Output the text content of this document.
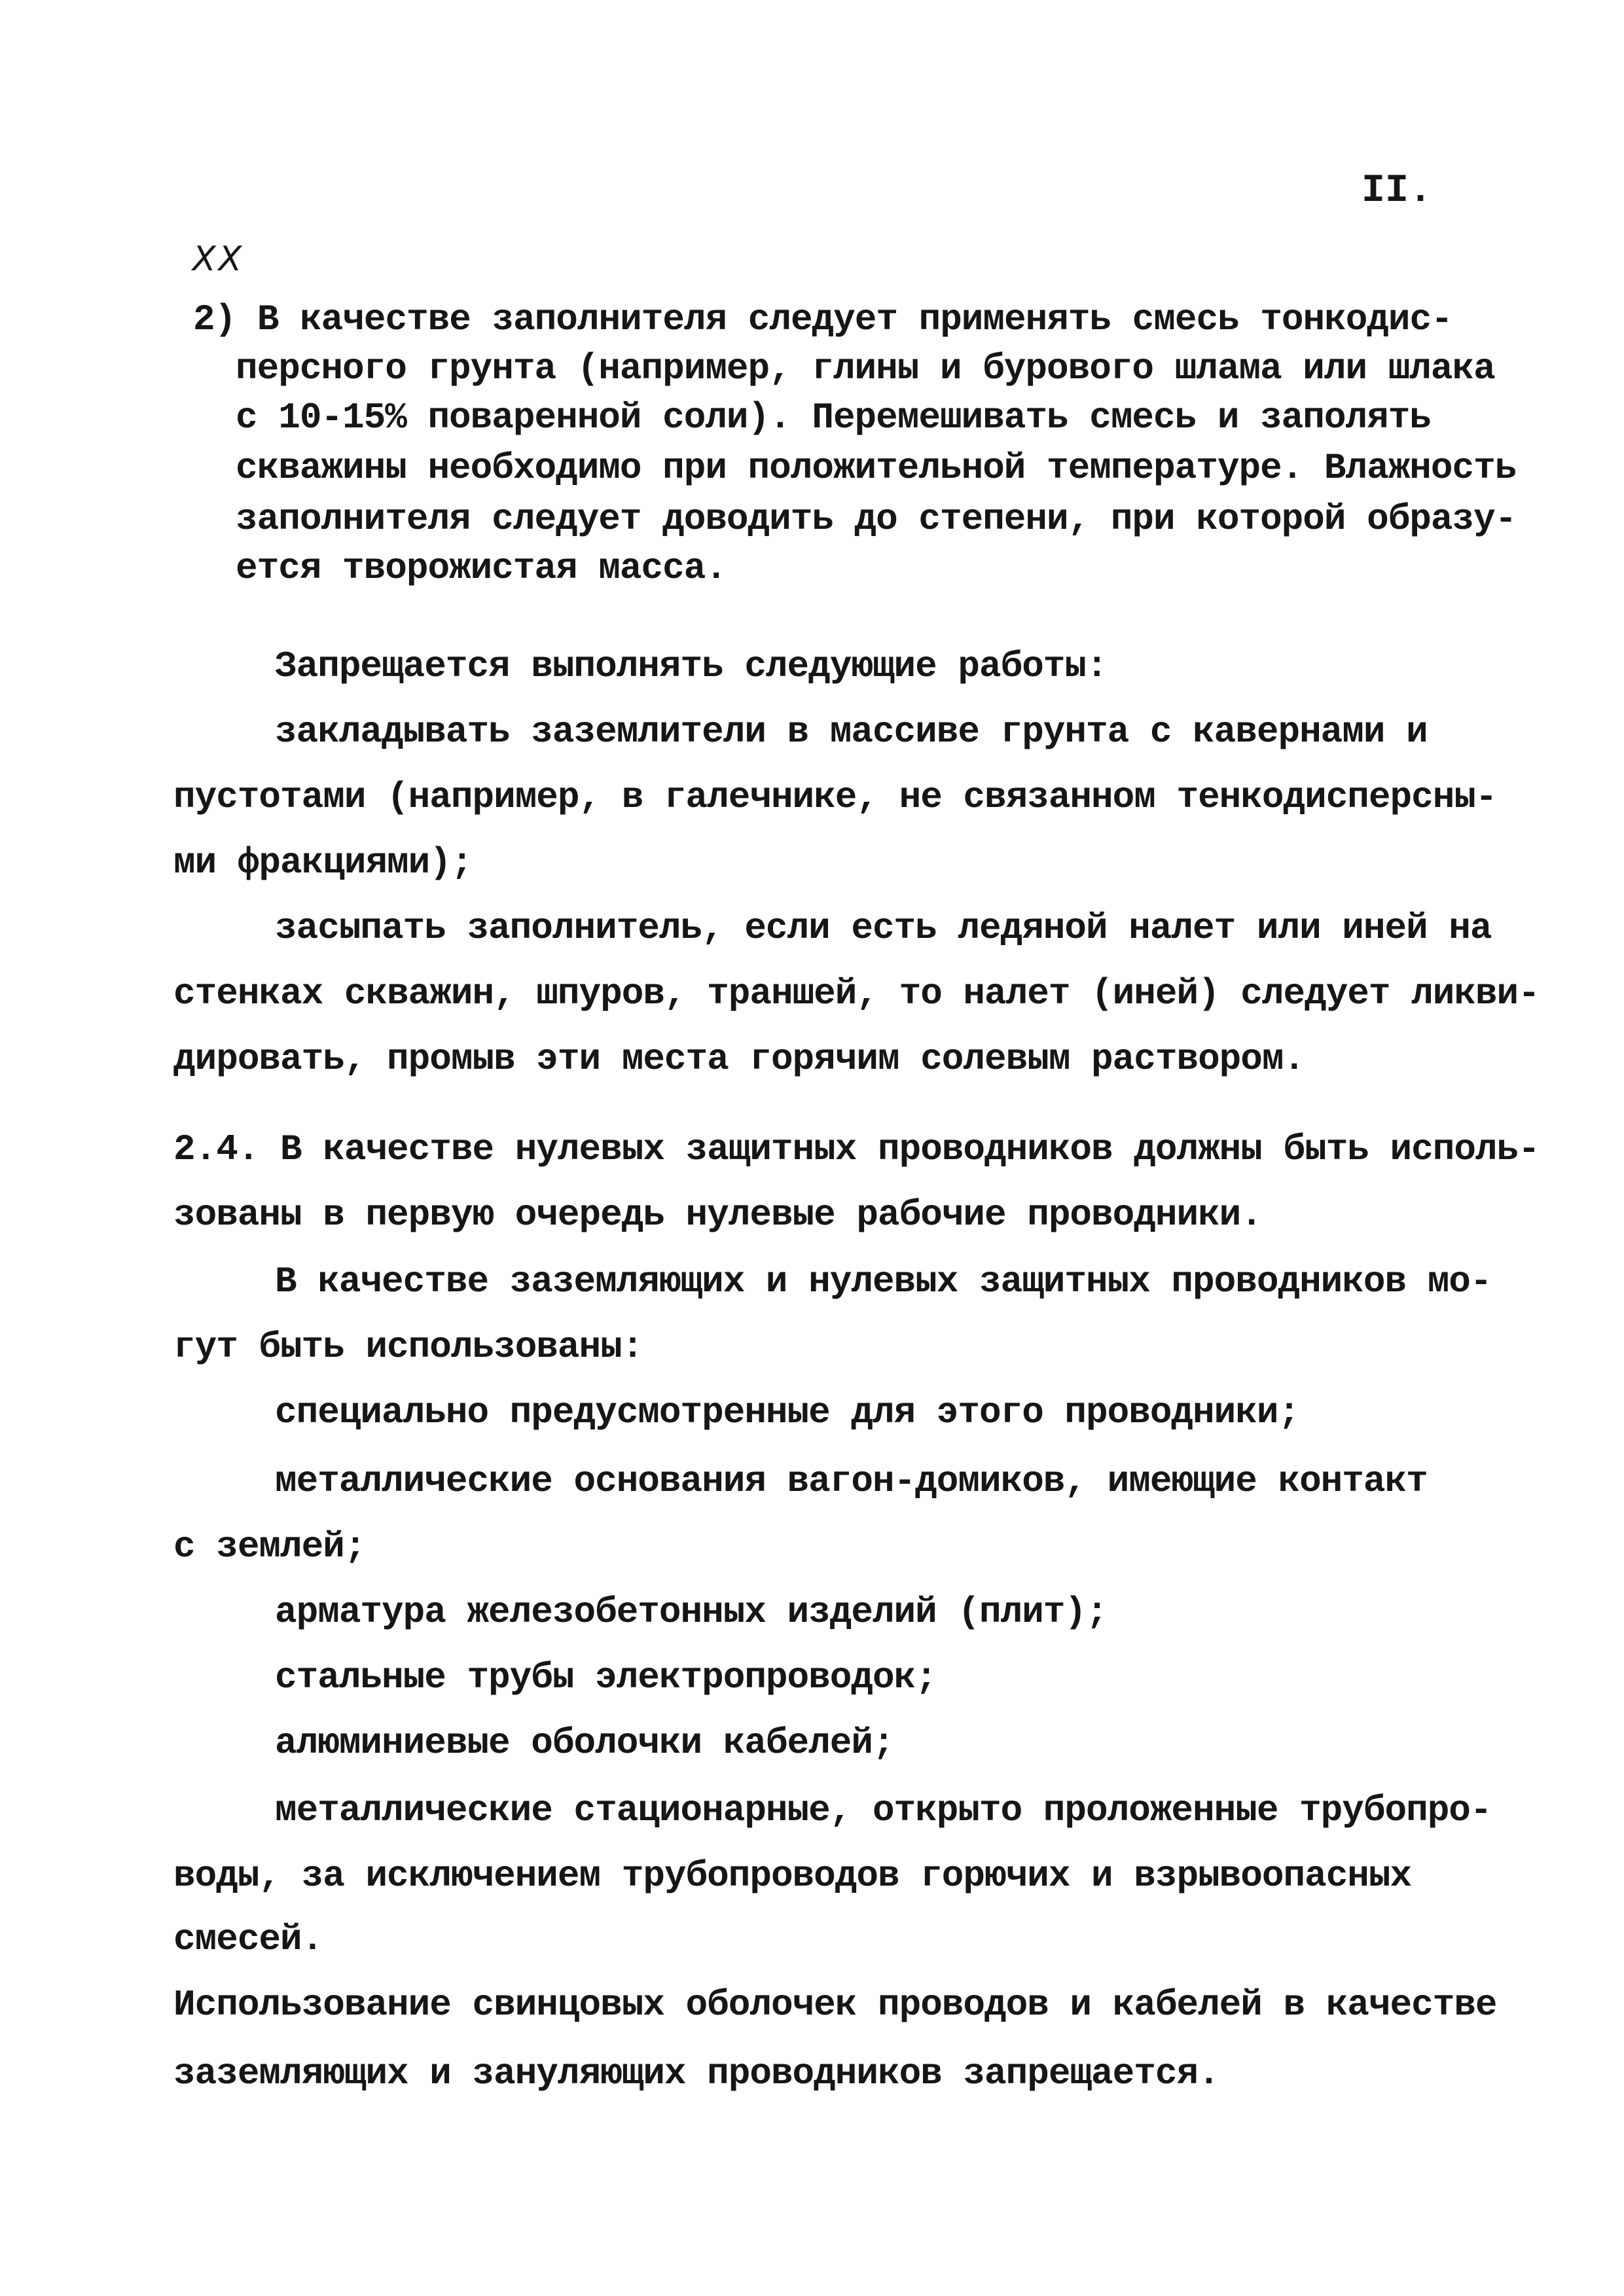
II.
XX
2) В качестве заполнителя следует применять смесь тонкодис-
персного грунта (например, глины и бурового шлама или шлака
с 10-15% поваренной соли). Перемешивать смесь и заполять
скважины необходимо при положительной температуре. Влажность
заполнителя следует доводить до степени, при которой образу-
ется творожистая масса.
Запрещается выполнять следующие работы:
закладывать заземлители в массиве грунта с кавернами и
пустотами (например, в галечнике, не связанном тенкодисперсны-
ми фракциями);
засыпать заполнитель, если есть ледяной налет или иней на
стенках скважин, шпуров, траншей, то налет (иней) следует ликви-
дировать, промыв эти места горячим солевым раствором.
2.4. В качестве нулевых защитных проводников должны быть исполь-
зованы в первую очередь нулевые рабочие проводники.
В качестве заземляющих и нулевых защитных проводников мо-
гут быть использованы:
специально предусмотренные для этого проводники;
металлические основания вагон-домиков, имеющие контакт
с землей;
арматура железобетонных изделий (плит);
стальные трубы электропроводок;
алюминиевые оболочки кабелей;
металлические стационарные, открыто проложенные трубопро-
воды, за исключением трубопроводов горючих и взрывоопасных
смесей.
Использование свинцовых оболочек проводов и кабелей в качестве
заземляющих и зануляющих проводников запрещается.
